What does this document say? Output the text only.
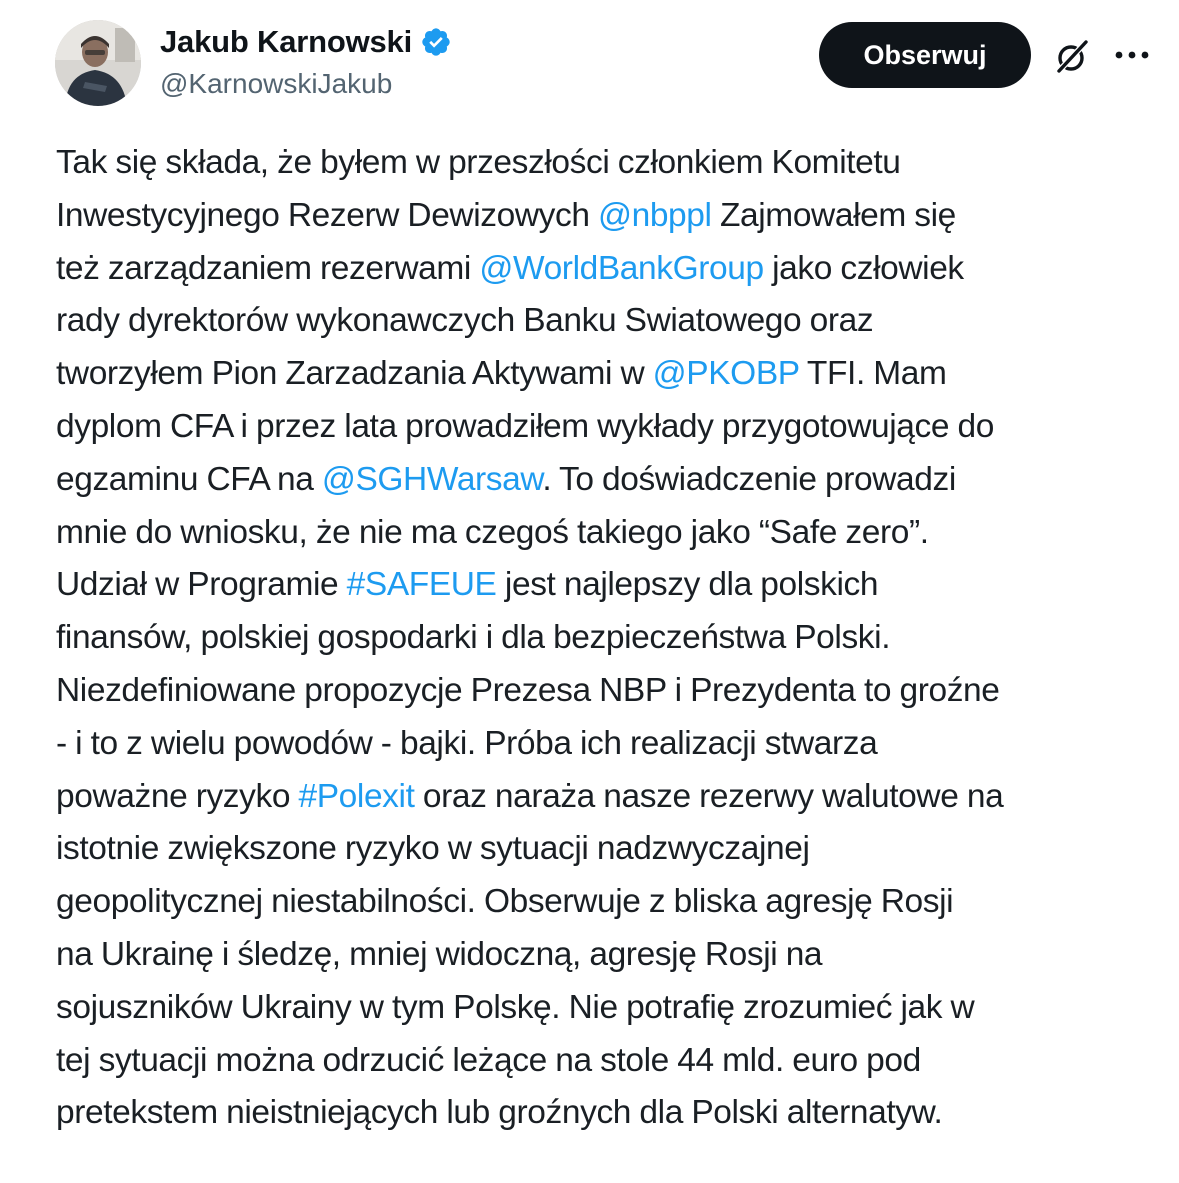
Jakub Karnowski
@KarnowskiJakub
Obserwuj
Tak się składa, że byłem w przeszłości członkiem Komitetu
Inwestycyjnego Rezerw Dewizowych @nbppl Zajmowałem się
też zarządzaniem rezerwami @WorldBankGroup jako człowiek
rady dyrektorów wykonawczych Banku Swiatowego oraz
tworzyłem Pion Zarzadzania Aktywami w @PKOBP TFI. Mam
dyplom CFA i przez lata prowadziłem wykłady przygotowujące do
egzaminu CFA na @SGHWarsaw. To doświadczenie prowadzi
mnie do wniosku, że nie ma czegoś takiego jako “Safe zero”.
Udział w Programie #SAFEUE jest najlepszy dla polskich
finansów, polskiej gospodarki i dla bezpieczeństwa Polski.
Niezdefiniowane propozycje Prezesa NBP i Prezydenta to groźne
- i to z wielu powodów - bajki. Próba ich realizacji stwarza
poważne ryzyko #Polexit oraz naraża nasze rezerwy walutowe na
istotnie zwiększone ryzyko w sytuacji nadzwyczajnej
geopolitycznej niestabilności. Obserwuje z bliska agresję Rosji
na Ukrainę i śledzę, mniej widoczną, agresję Rosji na
sojuszników Ukrainy w tym Polskę. Nie potrafię zrozumieć jak w
tej sytuacji można odrzucić leżące na stole 44 mld. euro pod
pretekstem nieistniejących lub groźnych dla Polski alternatyw.
